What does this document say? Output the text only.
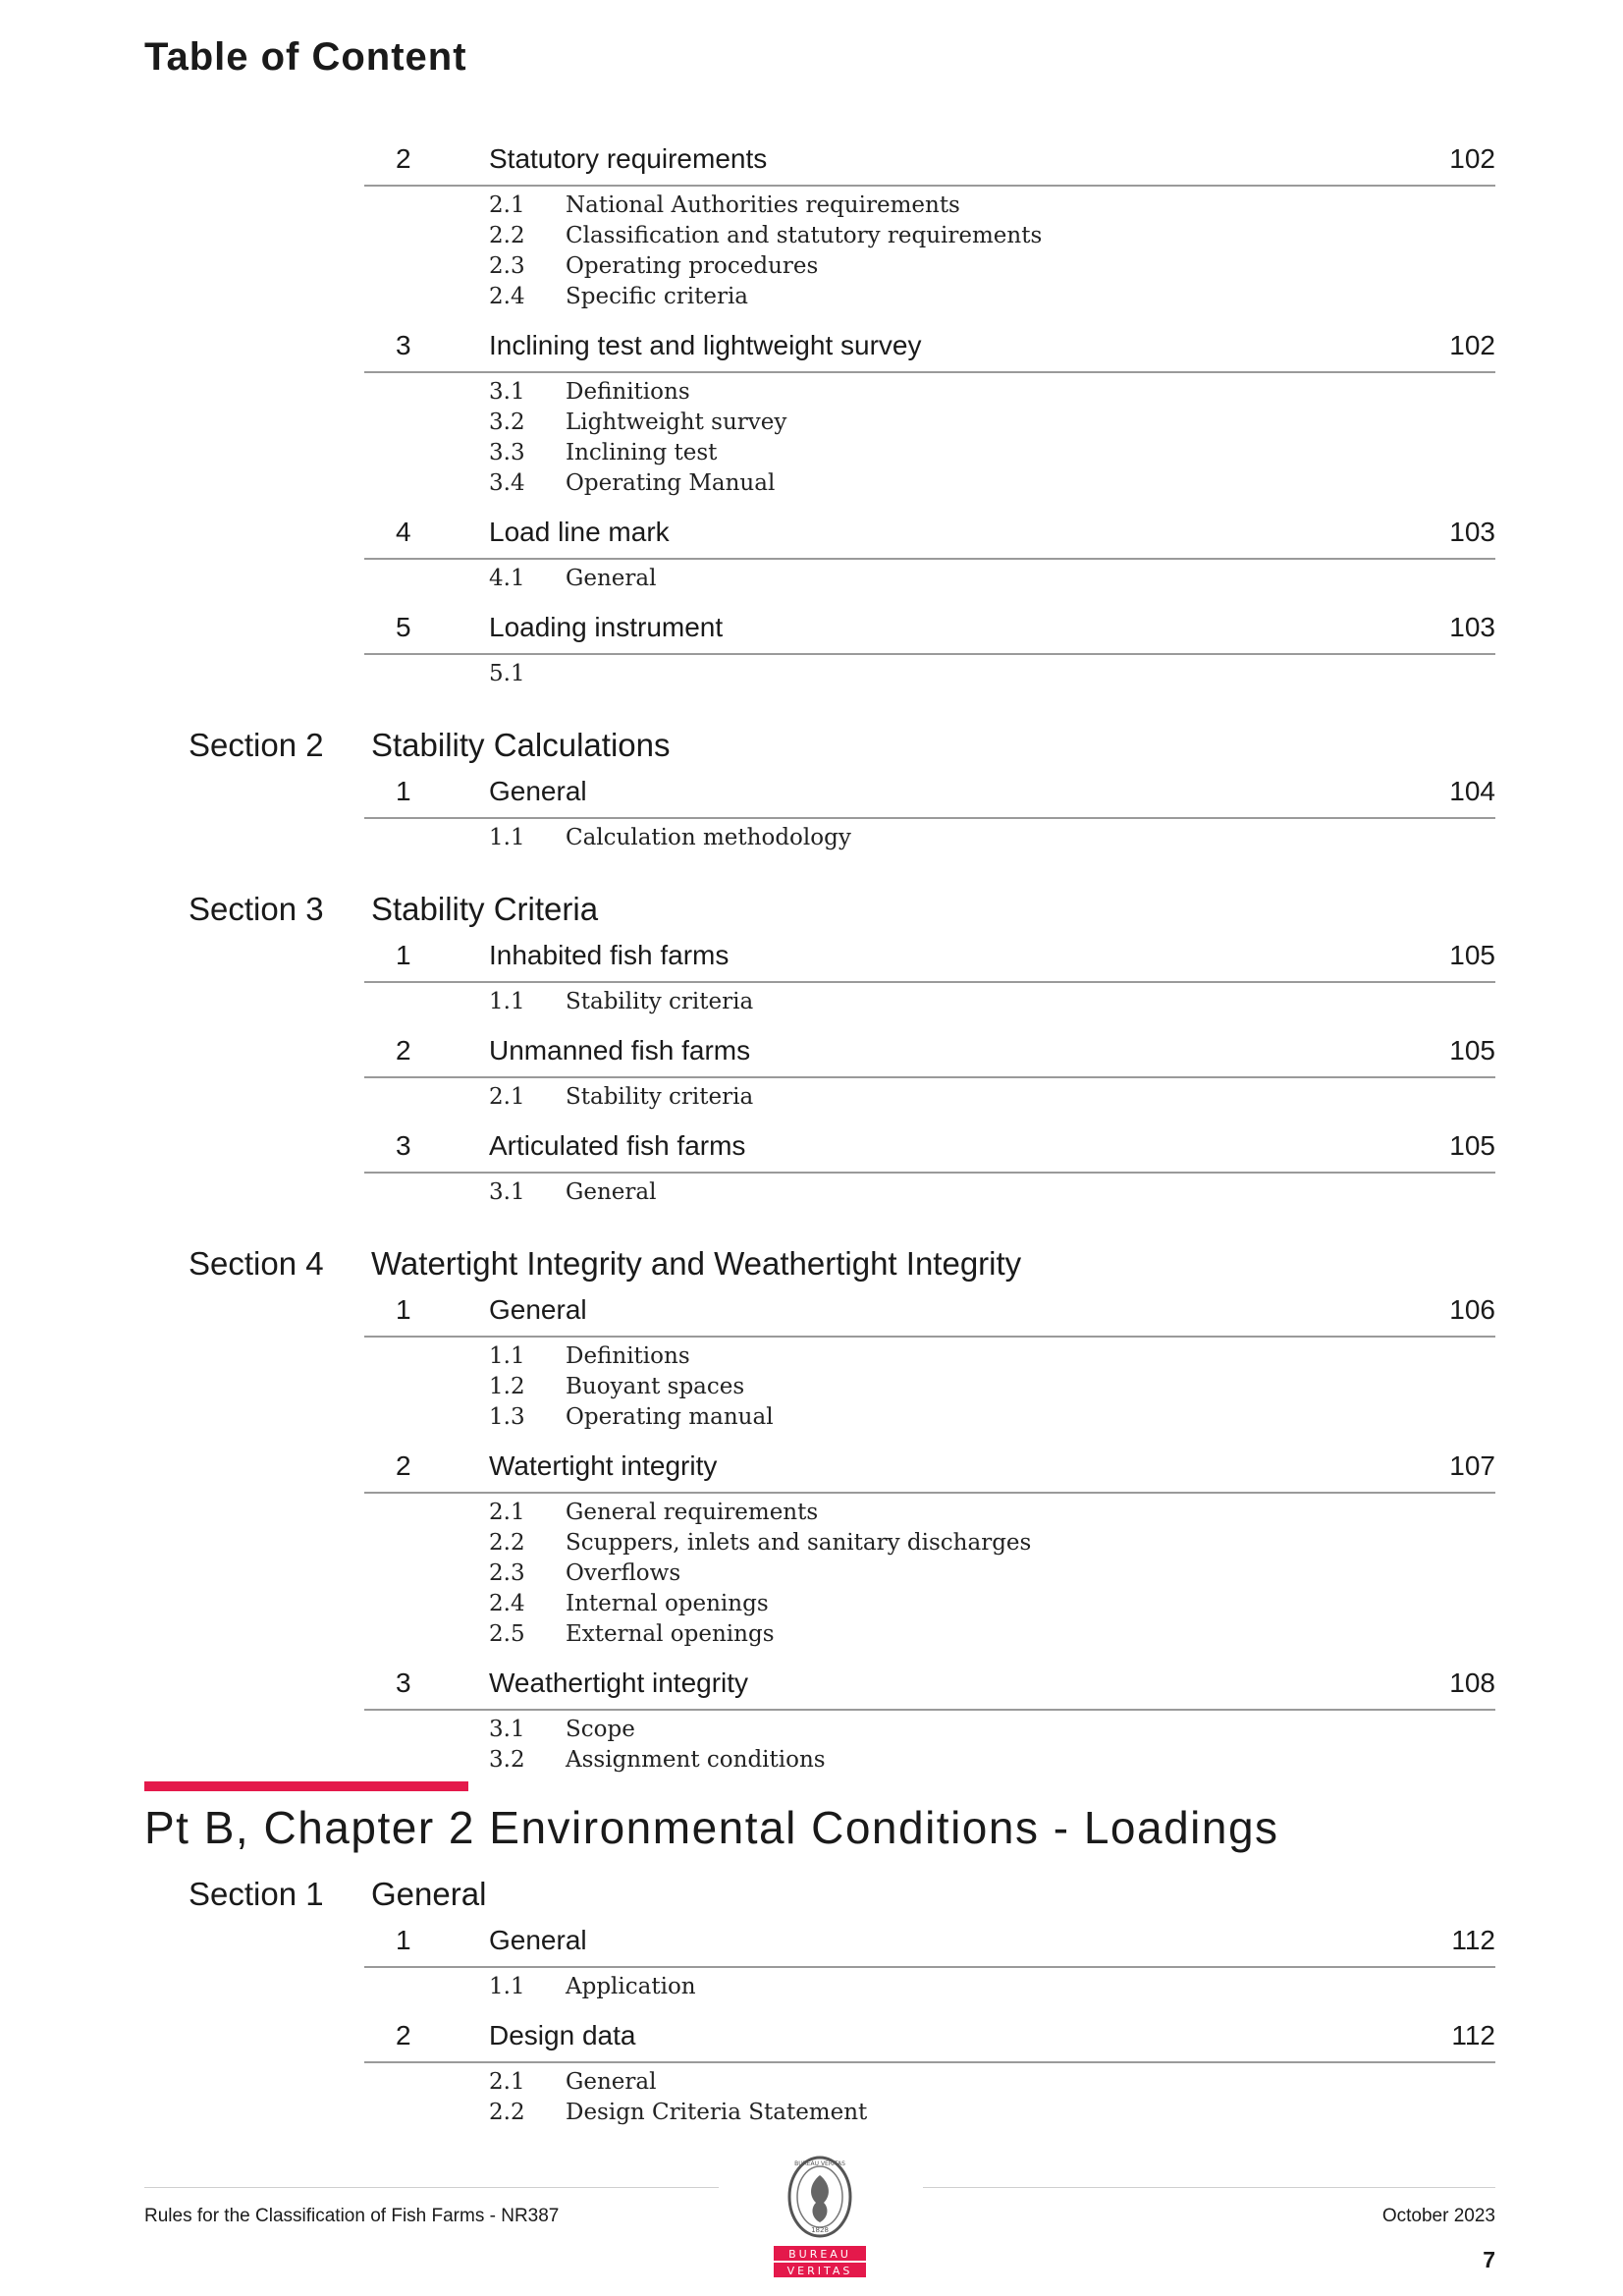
Table of Content
2	Statutory requirements	102
2.1 National Authorities requirements
2.2 Classification and statutory requirements
2.3 Operating procedures
2.4 Specific criteria
3	Inclining test and lightweight survey	102
3.1 Definitions
3.2 Lightweight survey
3.3 Inclining test
3.4 Operating Manual
4	Load line mark	103
4.1 General
5	Loading instrument	103
5.1
Section 2 Stability Calculations
1	General	104
1.1 Calculation methodology
Section 3 Stability Criteria
1	Inhabited fish farms	105
1.1 Stability criteria
2	Unmanned fish farms	105
2.1 Stability criteria
3	Articulated fish farms	105
3.1 General
Section 4 Watertight Integrity and Weathertight Integrity
1	General	106
1.1 Definitions
1.2 Buoyant spaces
1.3 Operating manual
2	Watertight integrity	107
2.1 General requirements
2.2 Scuppers, inlets and sanitary discharges
2.3 Overflows
2.4 Internal openings
2.5 External openings
3	Weathertight integrity	108
3.1 Scope
3.2 Assignment conditions
Pt B, Chapter 2 Environmental Conditions - Loadings
Section 1 General
1	General	112
1.1 Application
2	Design data	112
2.1 General
2.2 Design Criteria Statement
BUREAU VERITAS
1828
BUREAU
VERITAS
Rules for the Classification of Fish Farms - NR387	October 2023
7
